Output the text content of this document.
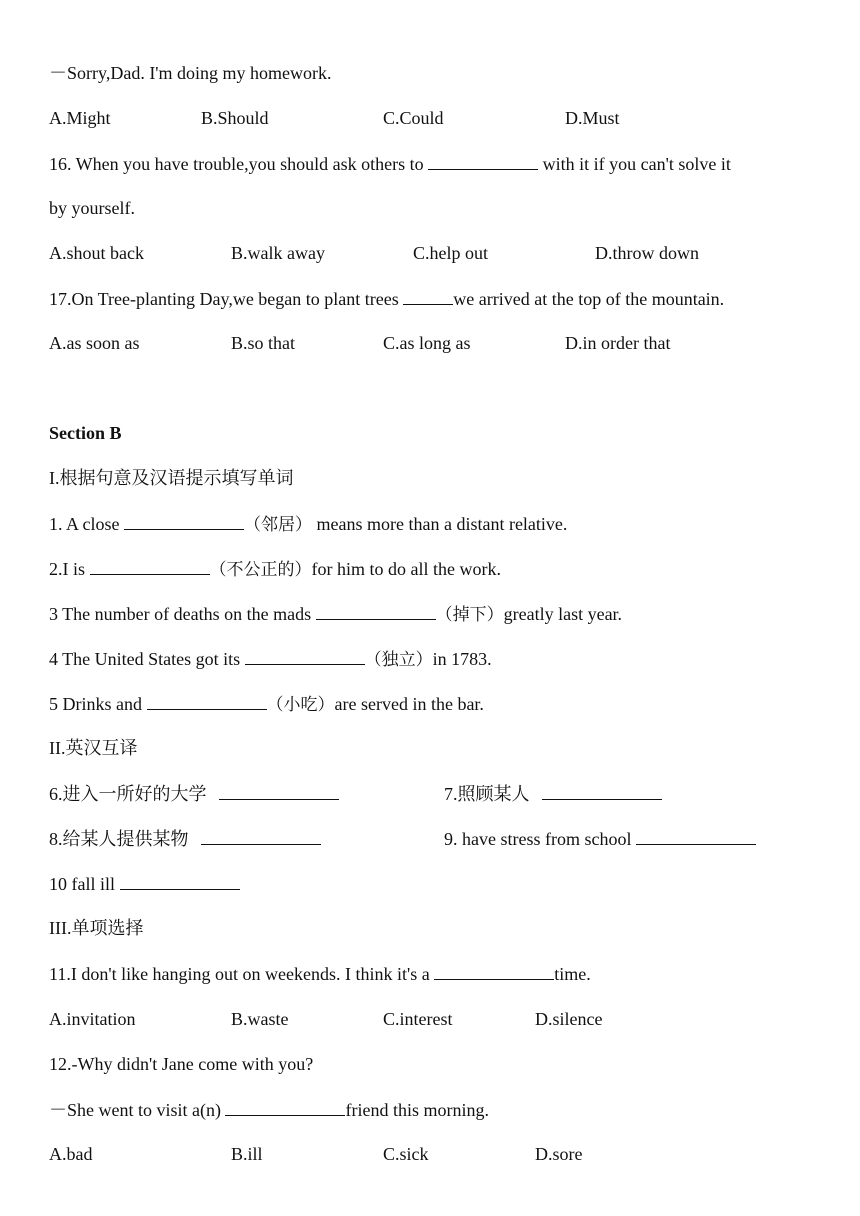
－Sorry,Dad. I'm doing my homework.
A.Might	B.Should	C.Could	D.Must
16. When you have trouble,you should ask others to	with it if you can't solve it
by yourself.
A.shout back	B.walk away	C.help out	D.throw down
17.On Tree-planting Day,we began to plant trees	we arrived at the top of the mountain.
A.as soon as	B.so that	C.as long as	D.in order that
Section B
I.根据句意及汉语提示填写单词
1. A close	（邻居） means more than a distant relative.
2.I is	（不公正的）for him to do all the work.
3 The number of deaths on the mads	（掉下）greatly last year.
4 The United States got its	（独立）in 1783.
5 Drinks and	（小吃）are served in the bar.
II.英汉互译
6.进入一所好的大学	7.照顾某人
8.给某人提供某物	9. have stress from school
10 fall ill
III.单项选择
11.I don't like hanging out on weekends. I think it's a	time.
A.invitation	B.waste	C.interest	D.silence
12.-Why didn't Jane come with you?
－She went to visit a(n)	friend this morning.
A.bad	B.ill	C.sick	D.sore
